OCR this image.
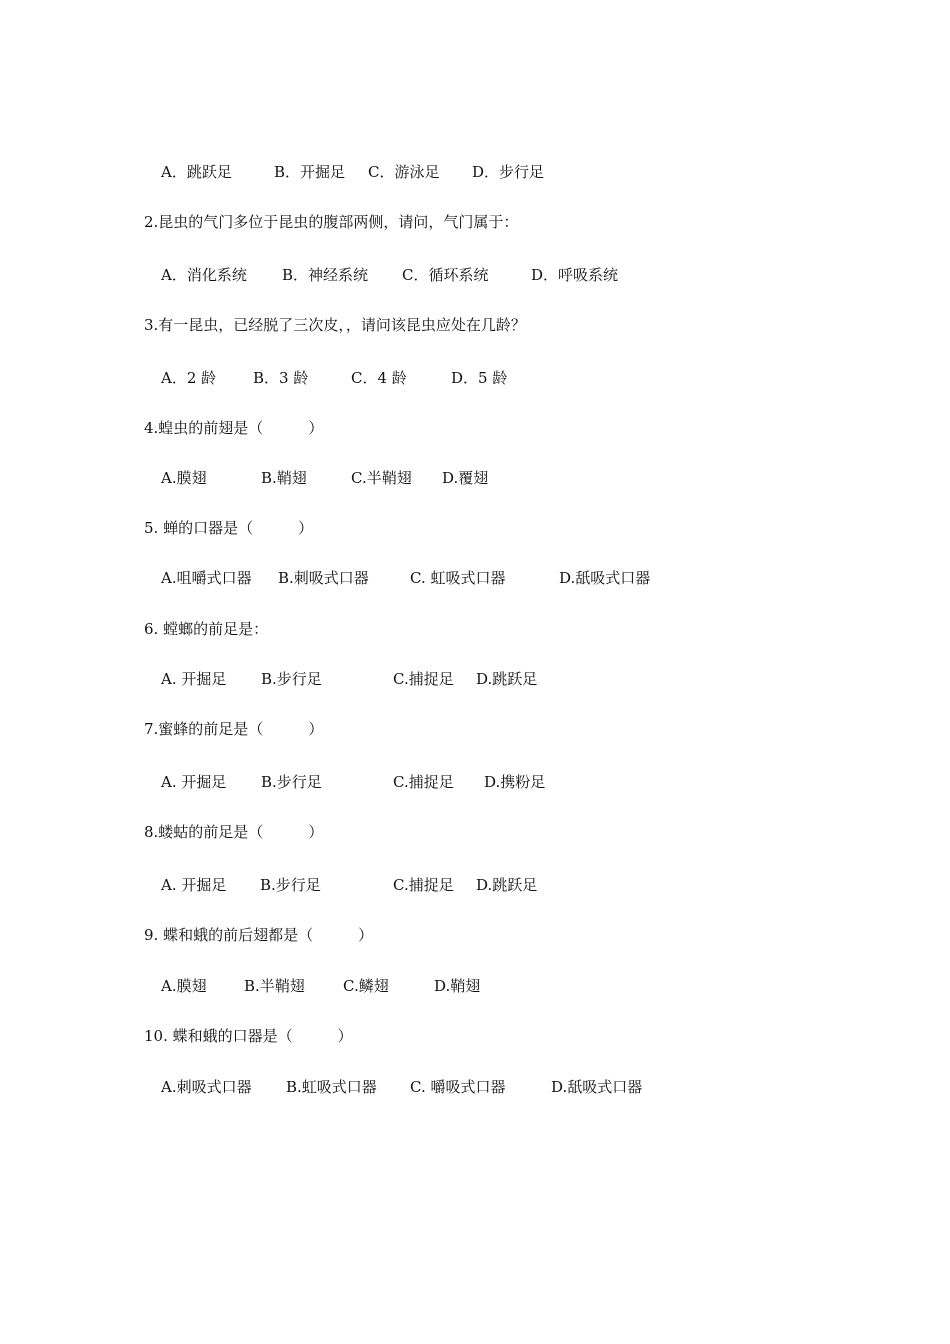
A．跳跃足	B．开掘足 C．游泳足 D．步行足
2.昆虫的气门多位于昆虫的腹部两侧，请问，气门属于：
A．消化系统 B．神经系统 C．循环系统	D．呼吸系统
3.有一昆虫，已经脱了三次皮，，请问该昆虫应处在几龄？
A．2 龄 B．3 龄	C．4 龄	D．5 龄
4.蝗虫的前翅是（　　　）
A.膜翅	B.鞘翅	C.半鞘翅 D.覆翅
5. 蝉的口器是（　　　）
A.咀嚼式口器 B.刺吸式口器	C. 虹吸式口器	D.舐吸式口器
6. 螳螂的前足是：
A. 开掘足 B.步行足	C.捕捉足 D.跳跃足
7.蜜蜂的前足是（　　　）
A. 开掘足 B.步行足	C.捕捉足 D.携粉足
8.蝼蛄的前足是（　　　）
A. 开掘足 B.步行足	C.捕捉足 D.跳跃足
9. 蝶和蛾的前后翅都是（　　　）
A.膜翅 B.半鞘翅	C.鳞翅	D.鞘翅
10. 蝶和蛾的口器是（　　　）
A.刺吸式口器 B.虹吸式口器 C. 嚼吸式口器	D.舐吸式口器
